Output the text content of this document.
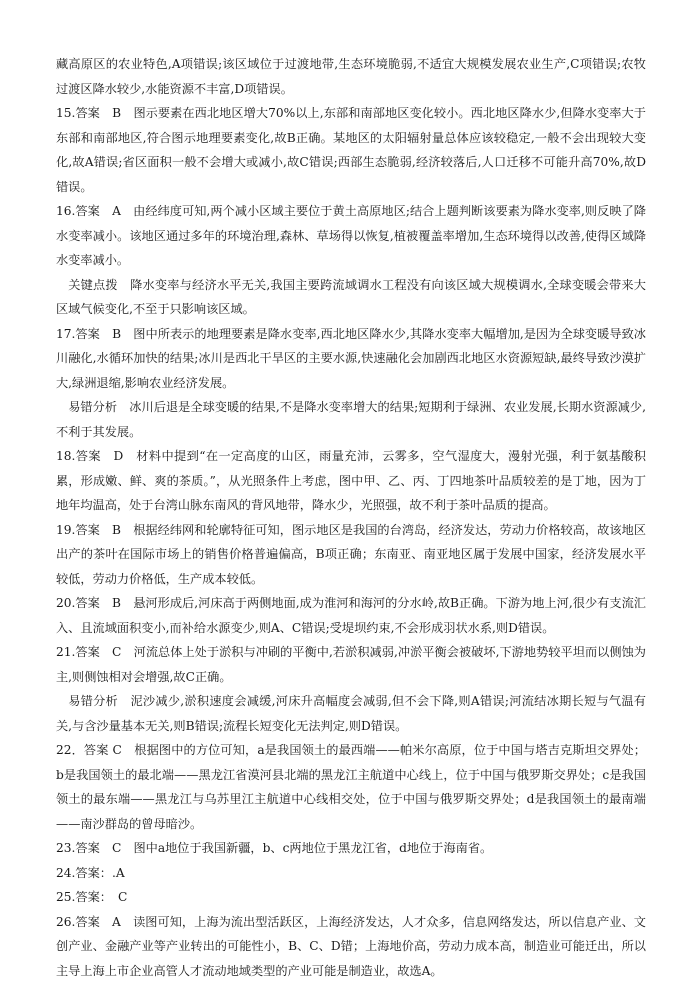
藏高原区的农业特色,A项错误;该区域位于过渡地带,生态环境脆弱,不适宜大规模发展农业生产,C项错误;农牧过渡区降水较少,水能资源不丰富,D项错误。

15.答案　B　图示要素在西北地区增大70%以上,东部和南部地区变化较小。西北地区降水少,但降水变率大于东部和南部地区,符合图示地理要素变化,故B正确。某地区的太阳辐射量总体应该较稳定,一般不会出现较大变化,故A错误;省区面积一般不会增大或减小,故C错误;西部生态脆弱,经济较落后,人口迁移不可能升高70%,故D错误。

16.答案　A　由经纬度可知,两个减小区域主要位于黄土高原地区;结合上题判断该要素为降水变率,则反映了降水变率减小。该地区通过多年的环境治理,森林、草场得以恢复,植被覆盖率增加,生态环境得以改善,使得区域降水变率减小。

关键点拨　降水变率与经济水平无关,我国主要跨流域调水工程没有向该区域大规模调水,全球变暖会带来大区域气候变化,不至于只影响该区域。

17.答案　B　图中所表示的地理要素是降水变率,西北地区降水少,其降水变率大幅增加,是因为全球变暖导致冰川融化,水循环加快的结果;冰川是西北干旱区的主要水源,快速融化会加剧西北地区水资源短缺,最终导致沙漠扩大,绿洲退缩,影响农业经济发展。

易错分析　冰川后退是全球变暖的结果,不是降水变率增大的结果;短期利于绿洲、农业发展,长期水资源减少,不利于其发展。

18.答案　D　材料中提到“在一定高度的山区，雨量充沛，云雾多，空气湿度大，漫射光强，利于氨基酸积累，形成嫩、鲜、爽的茶质。”，从光照条件上考虑，图中甲、乙、丙、丁四地茶叶品质较差的是丁地，因为丁地年均温高，处于台湾山脉东南风的背风地带，降水少，光照强，故不利于茶叶品质的提高。

19.答案　B　根据经纬网和轮廓特征可知，图示地区是我国的台湾岛，经济发达，劳动力价格较高，故该地区出产的茶叶在国际市场上的销售价格普遍偏高，B项正确；东南亚、南亚地区属于发展中国家，经济发展水平较低，劳动力价格低，生产成本较低。

20.答案　B　悬河形成后,河床高于两侧地面,成为淮河和海河的分水岭,故B正确。下游为地上河,很少有支流汇入、且流域面积变小,而补给水源变少,则A、C错误;受堤坝约束,不会形成羽状水系,则D错误。

21.答案　C　河流总体上处于淤积与冲刷的平衡中,若淤积减弱,冲淤平衡会被破坏,下游地势较平坦而以侧蚀为主,则侧蚀相对会增强,故C正确。

易错分析　泥沙减少,淤积速度会减缓,河床升高幅度会减弱,但不会下降,则A错误;河流结冰期长短与气温有关,与含沙量基本无关,则B错误;流程长短变化无法判定,则D错误。

22．答案 C　根据图中的方位可知，a是我国领土的最西端——帕米尔高原，位于中国与塔吉克斯坦交界处；b是我国领土的最北端——黑龙江省漠河县北端的黑龙江主航道中心线上，位于中国与俄罗斯交界处；c是我国领土的最东端——黑龙江与乌苏里江主航道中心线相交处，位于中国与俄罗斯交界处；d是我国领土的最南端——南沙群岛的曾母暗沙。

23.答案　C　图中a地位于我国新疆，b、c两地位于黑龙江省，d地位于海南省。

24.答案：.A

25.答案：　C

26.答案　A　读图可知，上海为流出型活跃区，上海经济发达，人才众多，信息网络发达，所以信息产业、文创产业、金融产业等产业转出的可能性小，B、C、D错；上海地价高，劳动力成本高，制造业可能迁出，所以主导上海上市企业高管人才流动地域类型的产业可能是制造业，故选A。
